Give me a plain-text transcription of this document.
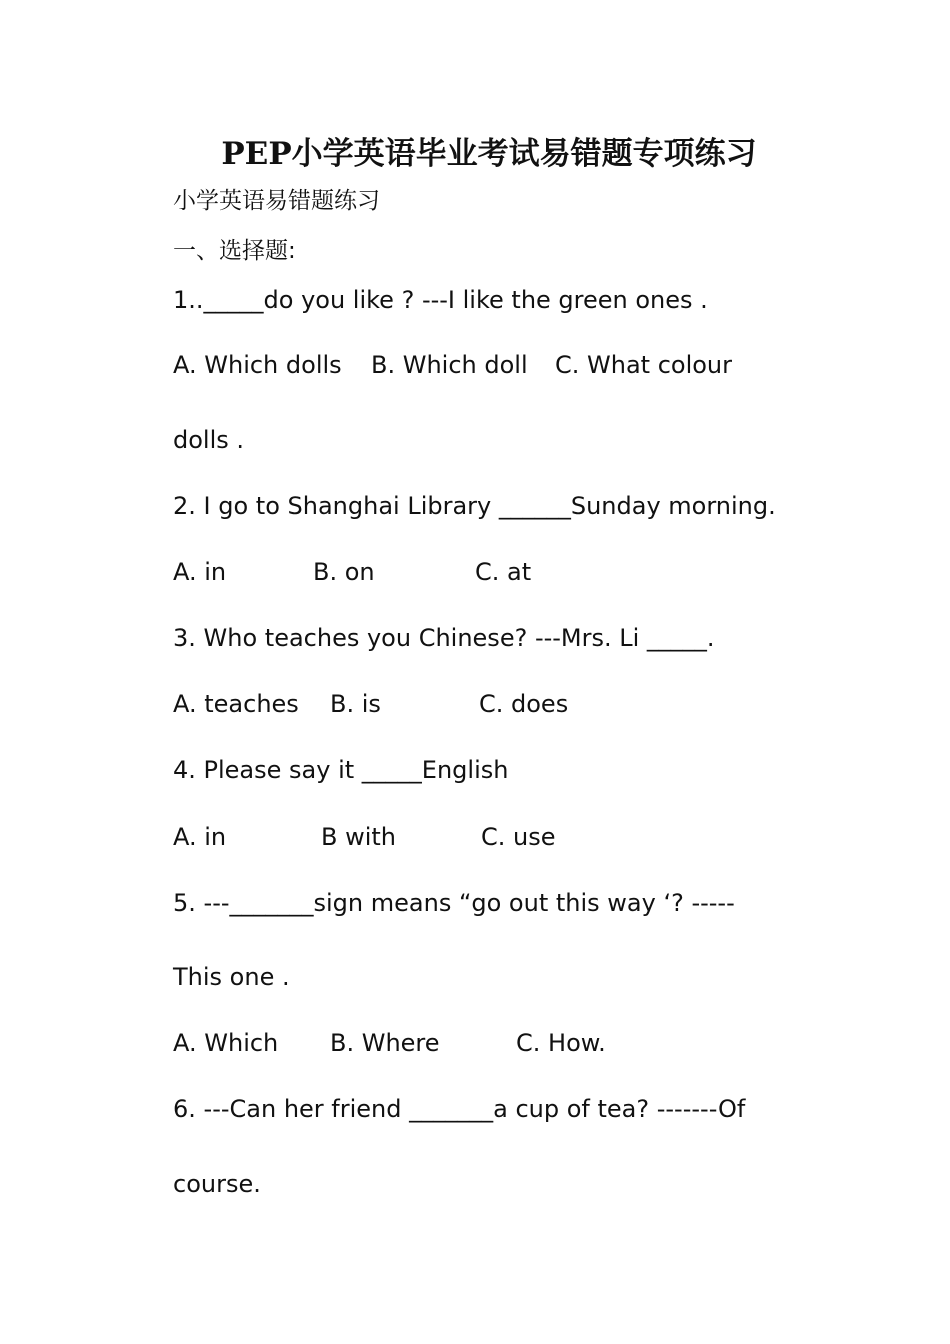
PEP小学英语毕业考试易错题专项练习
小学英语易错题练习
一、选择题:
1.._____do you like ? ---I like the green ones .
A. Which dolls B. Which doll C. What colour
dolls .
2. I go to Shanghai Library ______Sunday morning.
A. in	B. on	C. at
3. Who teaches you Chinese? ---Mrs. Li _____.
A. teaches B. is	C. does
4. Please say it _____English
A. in	B with	C. use
5. ---_______sign means “go out this way ‘? -----
This one .
A. Which B. Where	C. How.
6. ---Can her friend _______a cup of tea? -------Of
course.
